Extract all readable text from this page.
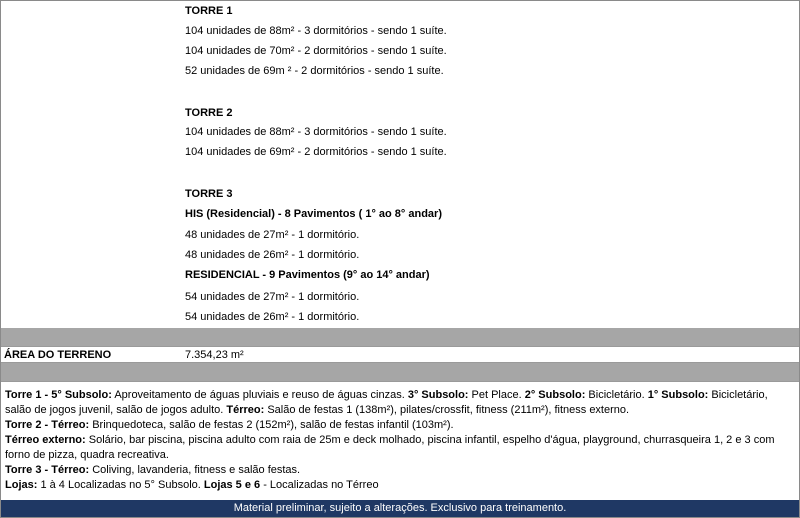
TORRE 1
104 unidades de 88m² - 3 dormitórios - sendo 1 suíte.
104 unidades de 70m² - 2 dormitórios - sendo 1 suíte.
52 unidades de 69m ² - 2 dormitórios - sendo 1 suíte.
TORRE 2
104 unidades de 88m² - 3 dormitórios - sendo 1 suíte.
104 unidades de 69m² - 2 dormitórios - sendo 1 suíte.
TORRE 3
HIS (Residencial) - 8 Pavimentos ( 1° ao 8° andar)
48 unidades de 27m² - 1 dormitório.
48 unidades de 26m² - 1 dormitório.
RESIDENCIAL - 9 Pavimentos (9° ao 14° andar)
54 unidades de 27m² - 1 dormitório.
54 unidades de 26m² - 1 dormitório.
ÁREA DO TERRENO	7.354,23 m²

Torre 1 - 5° Subsolo: Aproveitamento de águas pluviais e reuso de águas cinzas. 3° Subsolo: Pet Place. 2° Subsolo: Bicicletário. 1° Subsolo: Bicicletário, salão de jogos juvenil, salão de jogos adulto. Térreo: Salão de festas 1 (138m²), pilates/crossfit, fitness (211m²), fitness externo.

Torre 2 - Térreo: Brinquedoteca, salão de festas 2 (152m²), salão de festas infantil (103m²).

Térreo externo: Solário, bar piscina, piscina adulto com raia de 25m e deck molhado, piscina infantil, espelho d'água, playground, churrasqueira 1, 2 e 3 com forno de pizza, quadra recreativa.

Torre 3 - Térreo: Coliving, lavanderia, fitness e salão festas.

Lojas: 1 à 4 Localizadas no 5° Subsolo. Lojas 5 e 6 - Localizadas no Térreo

Material preliminar, sujeito a alterações. Exclusivo para treinamento.
